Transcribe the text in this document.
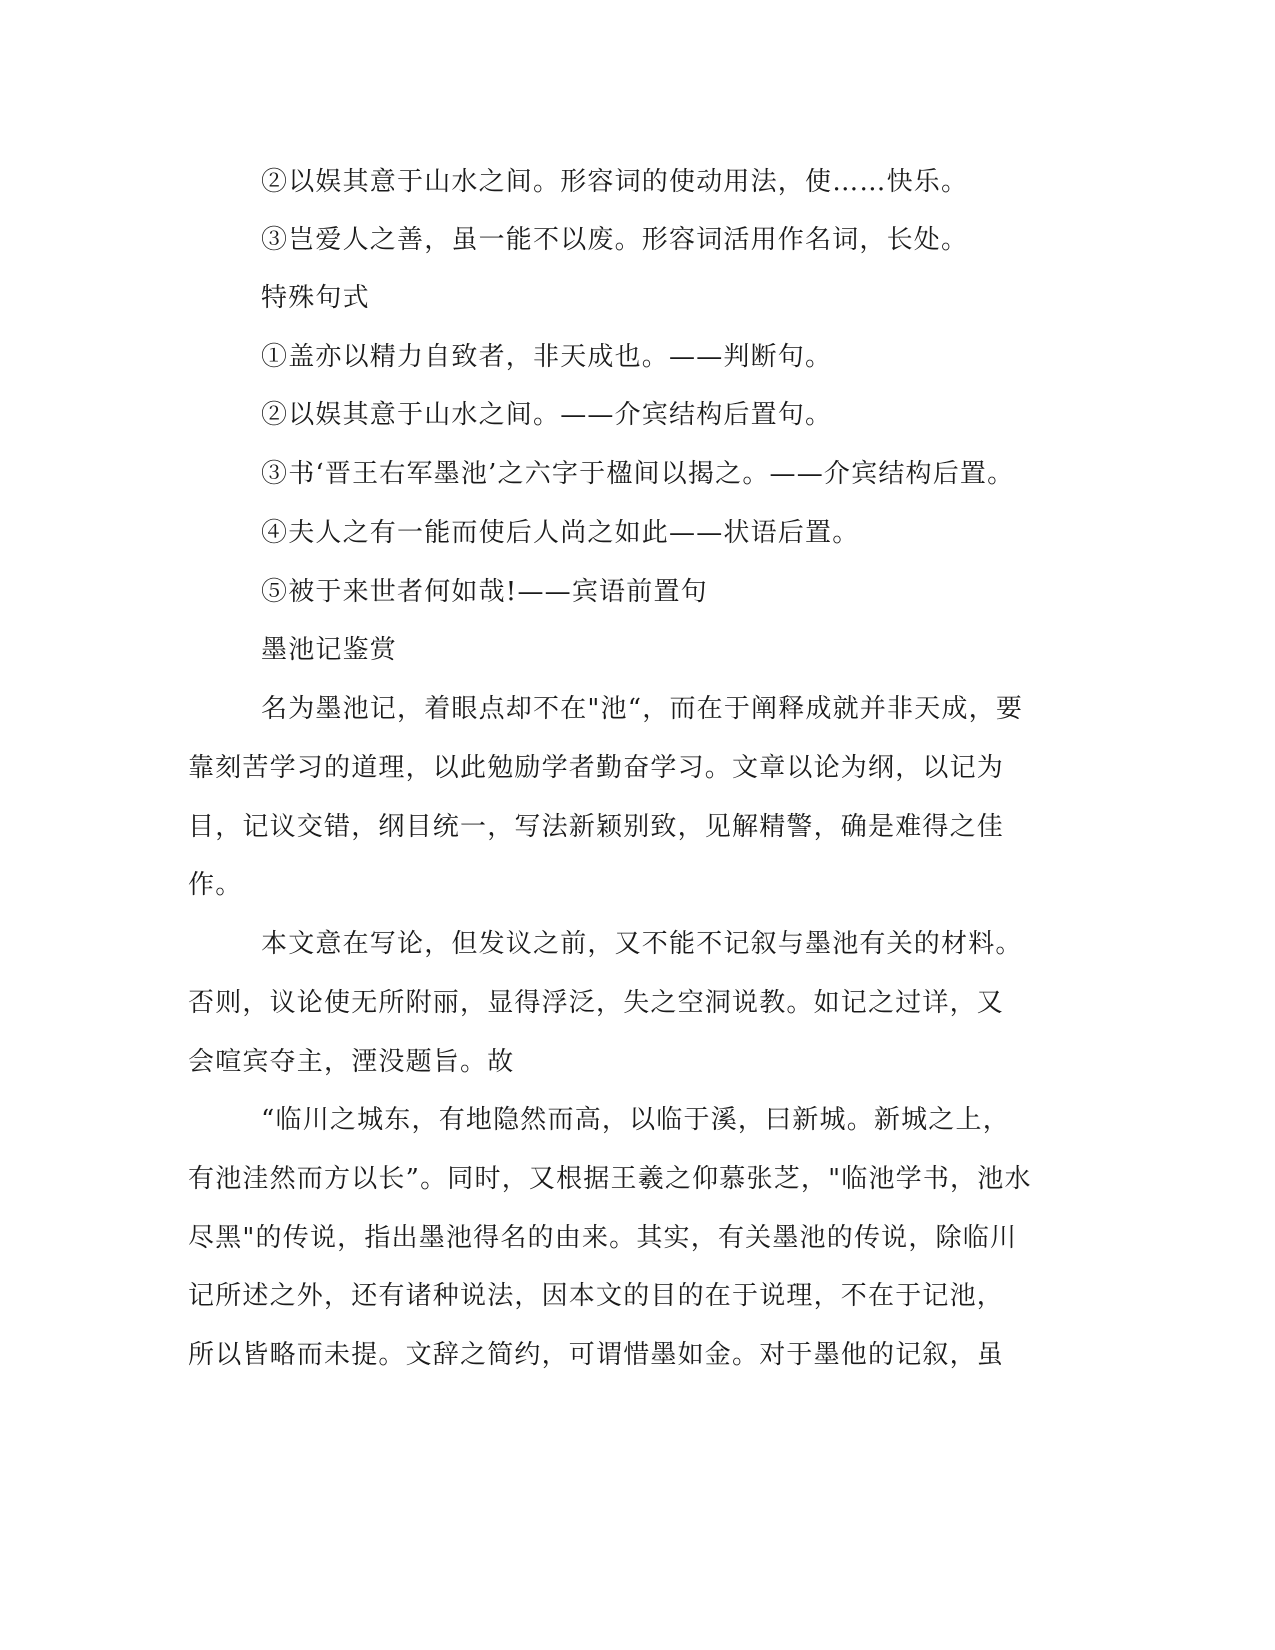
②以娱其意于山水之间。形容词的使动用法，使……快乐。
③岂爱人之善，虽一能不以废。形容词活用作名词，长处。
特殊句式
①盖亦以精力自致者，非天成也。——判断句。
②以娱其意于山水之间。——介宾结构后置句。
③书‘晋王右军墨池’之六字于楹间以揭之。——介宾结构后置。
④夫人之有一能而使后人尚之如此——状语后置。
⑤被于来世者何如哉!——宾语前置句
墨池记鉴赏
名为墨池记，着眼点却不在"池“，而在于阐释成就并非天成，要
靠刻苦学习的道理，以此勉励学者勤奋学习。文章以论为纲，以记为
目，记议交错，纲目统一，写法新颖别致，见解精警，确是难得之佳
作。
本文意在写论，但发议之前，又不能不记叙与墨池有关的材料。
否则，议论使无所附丽，显得浮泛，失之空洞说教。如记之过详，又
会喧宾夺主，湮没题旨。故
“临川之城东，有地隐然而高，以临于溪，曰新城。新城之上，
有池洼然而方以长”。同时，又根据王羲之仰慕张芝，"临池学书，池水
尽黑"的传说，指出墨池得名的由来。其实，有关墨池的传说，除临川
记所述之外，还有诸种说法，因本文的目的在于说理，不在于记池，
所以皆略而未提。文辞之简约，可谓惜墨如金。对于墨他的记叙，虽
